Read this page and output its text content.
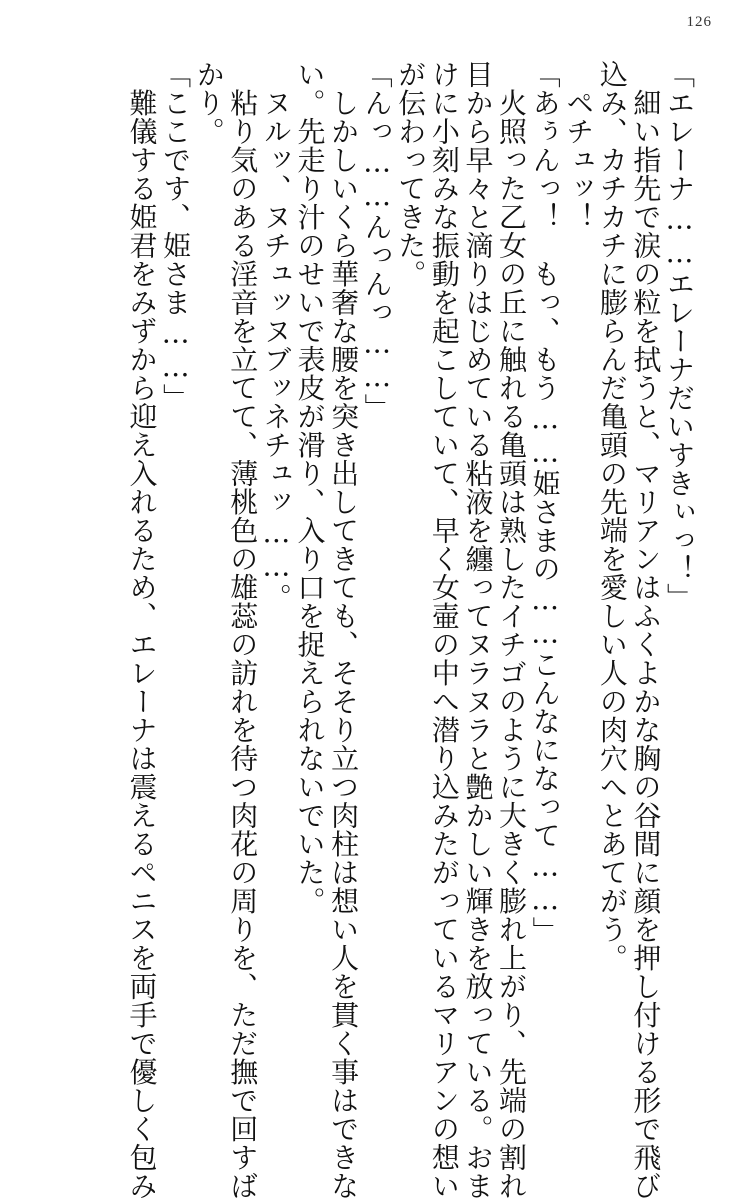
126

「エレーナ……エレーナだいすきぃっ！」

　細い指先で涙の粒を拭うと、マリアンはふくよかな胸の谷間に顔を押し付ける形で飛び

込み、カチカチに膨らんだ亀頭の先端を愛しい人の肉穴へとあてがう。

　ペチュッ！

「あぅんっ！　もっ、もう……姫さまの……こんなになって……」

　火照った乙女の丘に触れる亀頭は熟したイチゴのように大きく膨れ上がり、先端の割れ

目から早々と滴りはじめている粘液を纏ってヌラヌラと艶かしい輝きを放っている。おま

けに小刻みな振動を起こしていて、早く女壷の中へ潜り込みたがっているマリアンの想い

が伝わってきた。

「んっ……んっんっ……」

　しかしいくら華奢な腰を突き出してきても、そそり立つ肉柱は想い人を貫く事はできな

い。先走り汁のせいで表皮が滑り、入り口を捉えられないでいた。

　ヌルッ、ヌチュッヌブッネチュッ……。

　粘り気のある淫音を立てて、薄桃色の雄蕊の訪れを待つ肉花の周りを、ただ撫で回すば

かり。

「ここです、姫さま……」

　難儀する姫君をみずから迎え入れるため、エレーナは震えるペニスを両手で優しく包み
